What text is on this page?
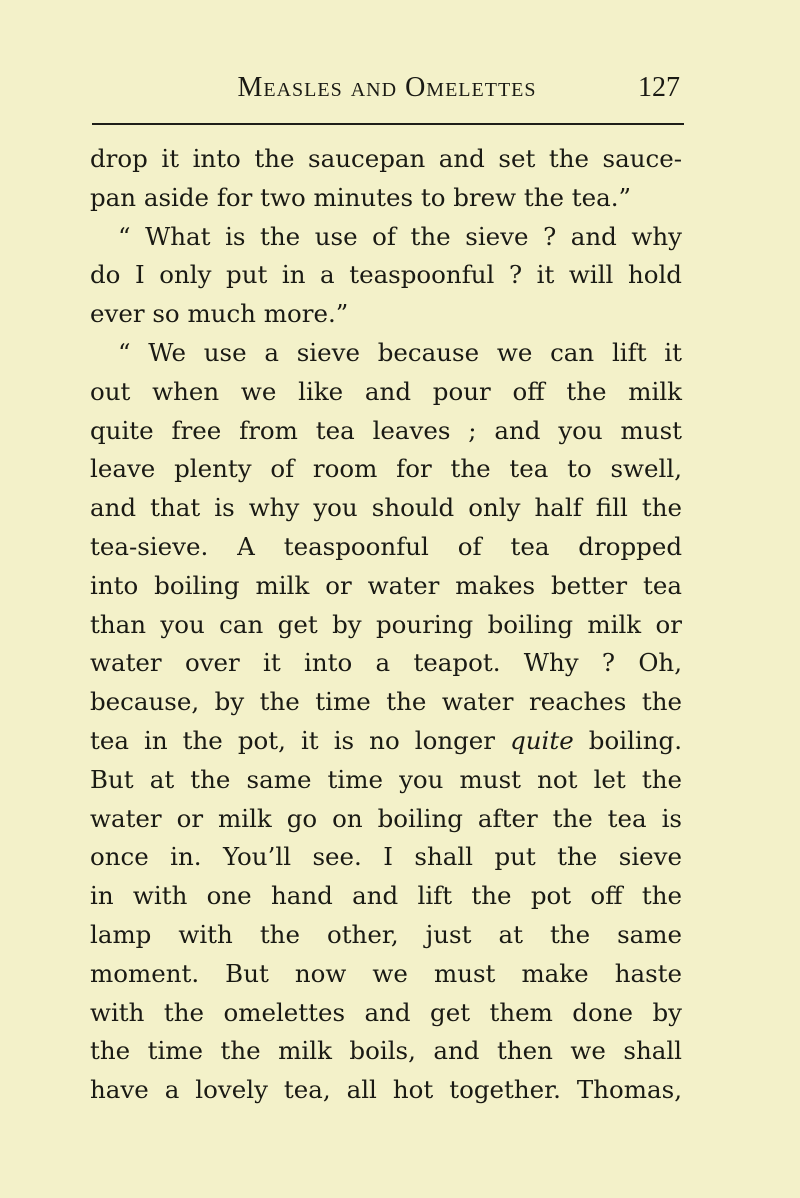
Measles and Omelettes	127
drop it into the saucepan and set the sauce-
pan aside for two minutes to brew the tea.”
“ What is the use of the sieve ? and why
do I only put in a teaspoonful ? it will hold
ever so much more.”
“ We use a sieve because we can lift it
out when we like and pour off the milk
quite free from tea leaves ; and you must
leave plenty of room for the tea to swell,
and that is why you should only half fill the
tea-sieve. A teaspoonful of tea dropped
into boiling milk or water makes better tea
than you can get by pouring boiling milk or
water over it into a teapot. Why ? Oh,
because, by the time the water reaches the
tea in the pot, it is no longer quite boiling.
But at the same time you must not let the
water or milk go on boiling after the tea is
once in. You’ll see. I shall put the sieve
in with one hand and lift the pot off the
lamp with the other, just at the same
moment. But now we must make haste
with the omelettes and get them done by
the time the milk boils, and then we shall
have a lovely tea, all hot together. Thomas,
